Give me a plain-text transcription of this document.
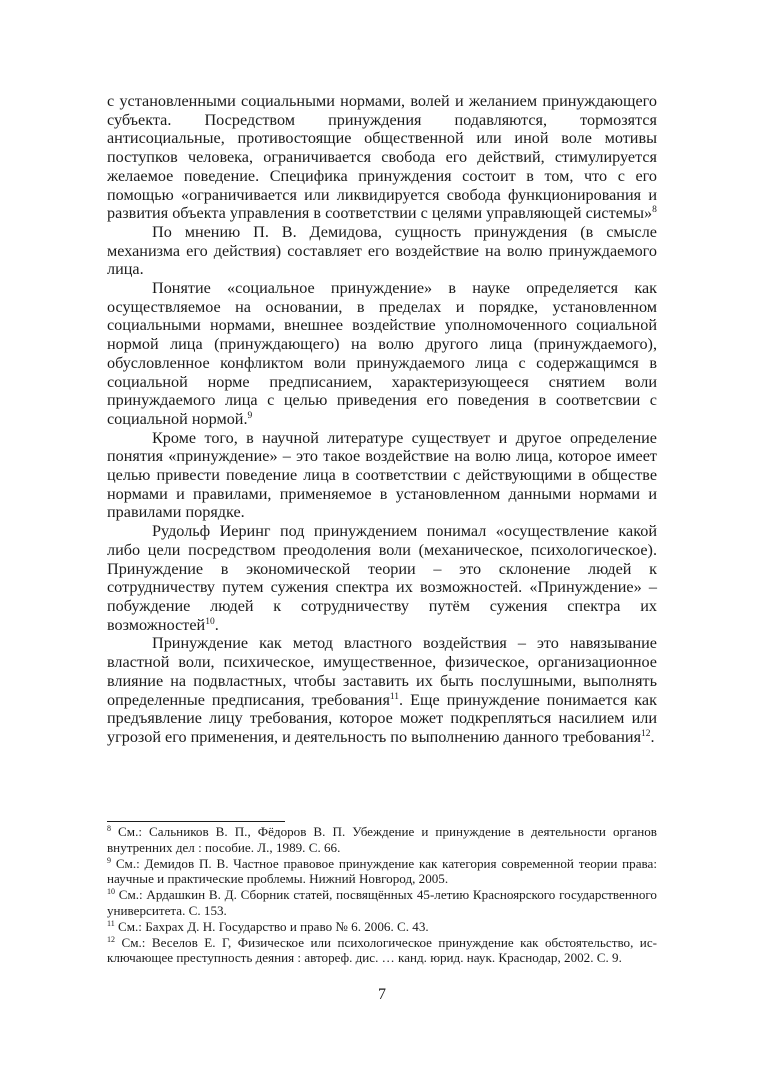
с установленными социальными нормами, волей и желанием принуждающего субъекта. Посредством принуждения подавляются, тормозятся антисоциальные, противостоящие общественной или иной воле мотивы поступков человека, ограничивается свобода его действий, стимулируется желаемое поведение. Специфика принуждения состоит в том, что с его помощью «ограничивается или ликвидируется свобода функционирования и развития объекта управления в соответствии с целями управляющей системы»$^8$

По мнению П. В. Демидова, сущность принуждения (в смысле механизма его действия) составляет его воздействие на волю принуждаемого лица.

Понятие «социальное принуждение» в науке определяется как осуществляемое на основании, в пределах и порядке, установленном социальными нормами, внешнее воздействие уполномоченного социальной нормой лица (принуждающего) на волю другого лица (принуждаемого), обусловленное конфликтом воли принуждаемого лица с содержащимся в социальной норме предписанием, характеризующееся снятием воли принуждаемого лица с целью приведения его поведения в соответсвии с социальной нормой.$^9$

Кроме того, в научной литературе существует и другое определение понятия «принуждение» – это такое воздействие на волю лица, которое имеет целью привести поведение лица в соответствии с действующими в обществе нормами и правилами, применяемое в установленном данными нормами и правилами порядке.

Рудольф Иеринг под принуждением понимал «осуществление какой либо цели посредством преодоления воли (механическое, психологическое). Принуждение в экономической теории – это склонение людей к сотрудничеству путем сужения спектра их возможностей. «Принуждение» – побуждение людей к сотрудничеству путём сужения спектра их возможностей$^{10}$.

Принуждение как метод властного воздействия – это навязывание властной воли, психическое, имущественное, физическое, организационное влияние на подвластных, чтобы заставить их быть послушными, выполнять определенные предписания, требования$^{11}$. Еще принуждение понимается как предъявление лицу требования, которое может подкрепляться насилием или угрозой его применения, и деятельность по выполнению данного требования$^{12}$.

$^8$ См.: Сальников В. П., Фёдоров В. П. Убеждение и принуждение в деятельности органов внутренних дел : пособие. Л., 1989. С. 66.

$^9$ См.: Демидов П. В. Частное правовое принуждение как категория современной теории права: научные и практические проблемы. Нижний Новгород, 2005.

$^{10}$ См.: Ардашкин В. Д. Сборник статей, посвящённых 45-летию Красноярского государственного университета. С. 153.

$^{11}$ См.: Бахрах Д. Н. Государство и право № 6. 2006. С. 43.

$^{12}$ См.: Веселов Е. Г, Физическое или психологическое принуждение как обстоятельство, исключающее преступность деяния : автореф. дис. … канд. юрид. наук. Краснодар, 2002. С. 9.

7
